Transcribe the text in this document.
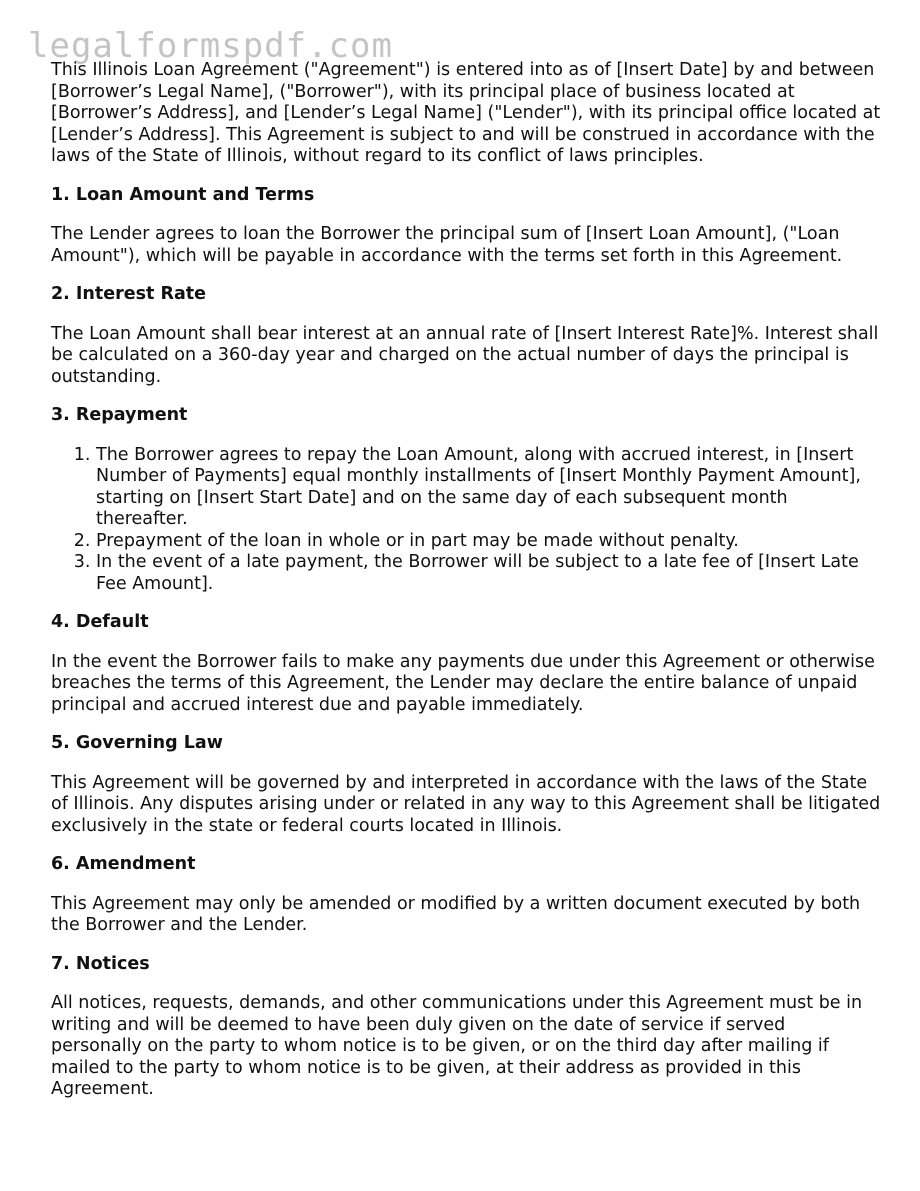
legalformspdf.com

This Illinois Loan Agreement ("Agreement") is entered into as of [Insert Date] by and between [Borrower’s Legal Name], ("Borrower"), with its principal place of business located at [Borrower’s Address], and [Lender’s Legal Name] ("Lender"), with its principal office located at [Lender’s Address]. This Agreement is subject to and will be construed in accordance with the laws of the State of Illinois, without regard to its conflict of laws principles.

1. Loan Amount and Terms

The Lender agrees to loan the Borrower the principal sum of [Insert Loan Amount], ("Loan Amount"), which will be payable in accordance with the terms set forth in this Agreement.

2. Interest Rate

The Loan Amount shall bear interest at an annual rate of [Insert Interest Rate]%. Interest shall be calculated on a 360-day year and charged on the actual number of days the principal is outstanding.

3. Repayment
1. The Borrower agrees to repay the Loan Amount, along with accrued interest, in [Insert Number of Payments] equal monthly installments of [Insert Monthly Payment Amount], starting on [Insert Start Date] and on the same day of each subsequent month thereafter.
2. Prepayment of the loan in whole or in part may be made without penalty.
3. In the event of a late payment, the Borrower will be subject to a late fee of [Insert Late Fee Amount].
4. Default

In the event the Borrower fails to make any payments due under this Agreement or otherwise breaches the terms of this Agreement, the Lender may declare the entire balance of unpaid principal and accrued interest due and payable immediately.

5. Governing Law

This Agreement will be governed by and interpreted in accordance with the laws of the State of Illinois. Any disputes arising under or related in any way to this Agreement shall be litigated exclusively in the state or federal courts located in Illinois.

6. Amendment

This Agreement may only be amended or modified by a written document executed by both the Borrower and the Lender.

7. Notices

All notices, requests, demands, and other communications under this Agreement must be in writing and will be deemed to have been duly given on the date of service if served personally on the party to whom notice is to be given, or on the third day after mailing if mailed to the party to whom notice is to be given, at their address as provided in this Agreement.
